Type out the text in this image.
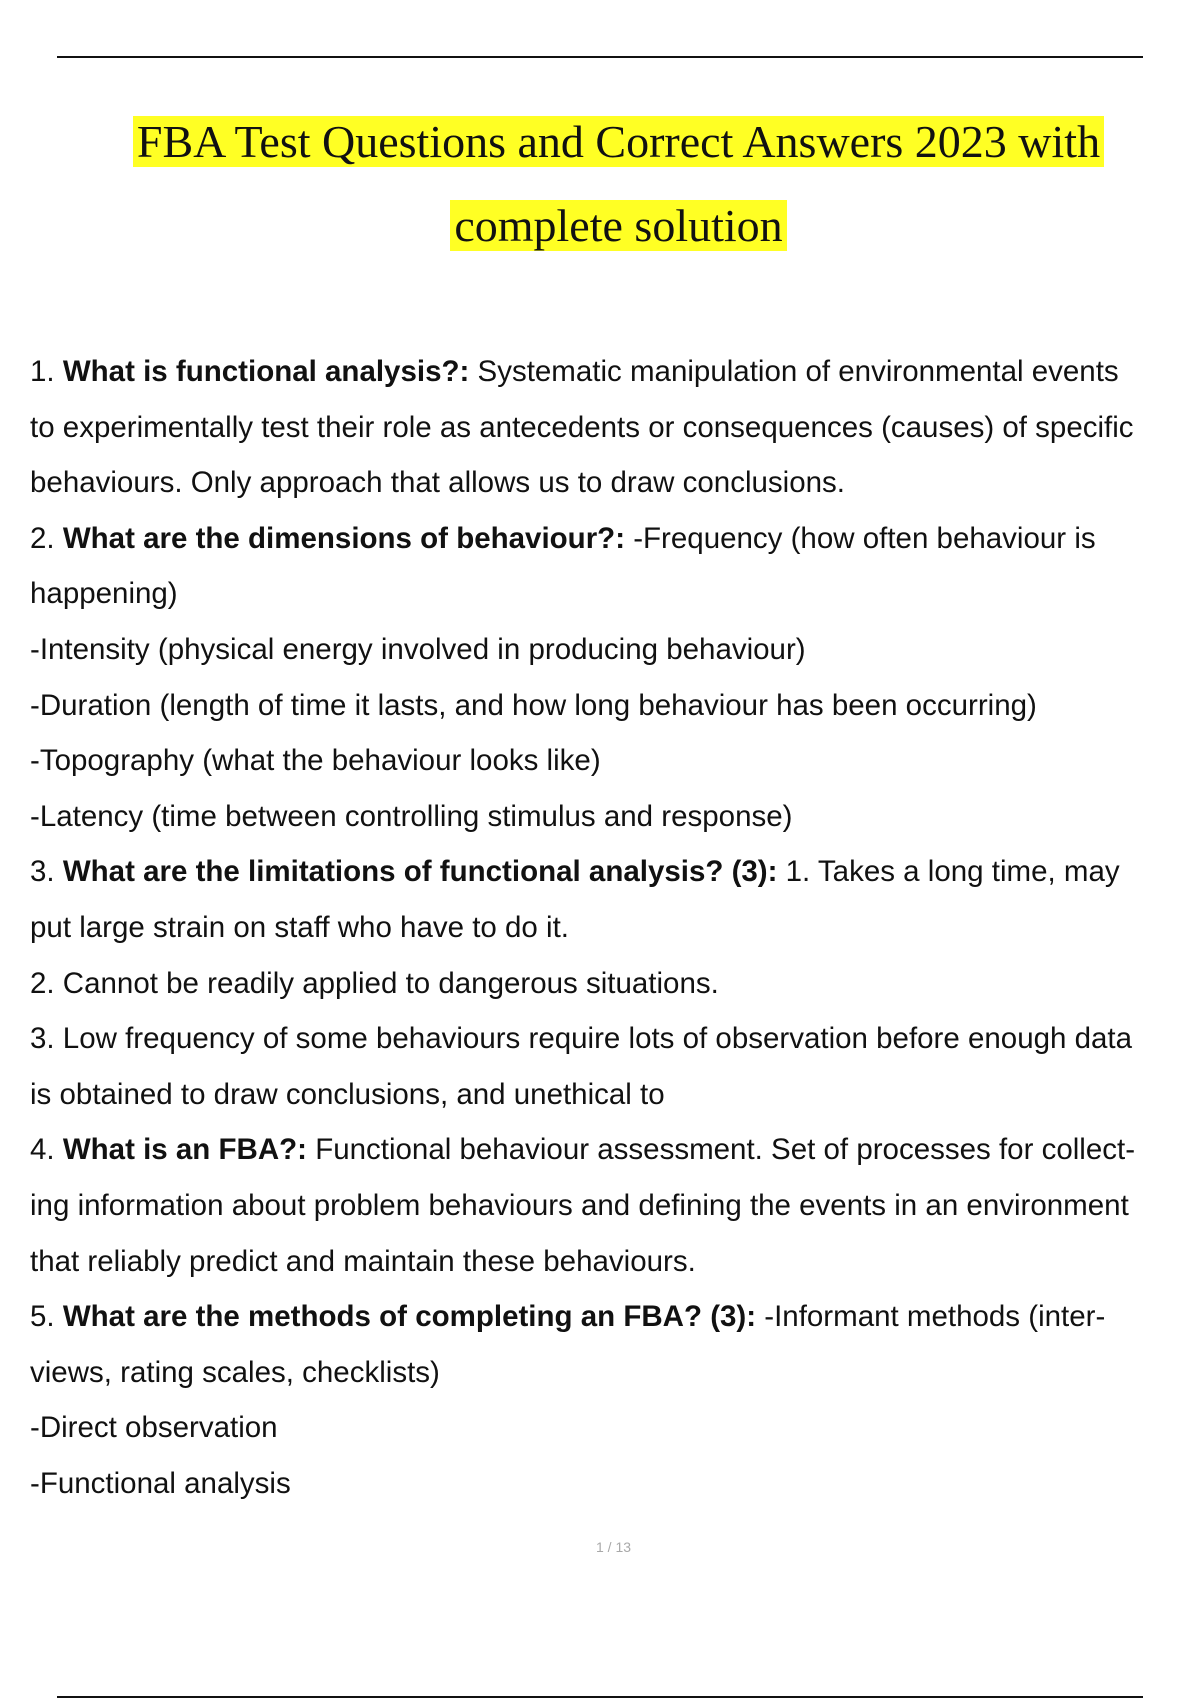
FBA Test Questions and Correct Answers 2023 with
complete solution
1. What is functional analysis?: Systematic manipulation of environmental events
to experimentally test their role as antecedents or consequences (causes) of specific
behaviours. Only approach that allows us to draw conclusions.
2. What are the dimensions of behaviour?: -Frequency (how often behaviour is
happening)
-Intensity (physical energy involved in producing behaviour)
-Duration (length of time it lasts, and how long behaviour has been occurring)
-Topography (what the behaviour looks like)
-Latency (time between controlling stimulus and response)
3. What are the limitations of functional analysis? (3): 1. Takes a long time, may
put large strain on staff who have to do it.
2. Cannot be readily applied to dangerous situations.
3. Low frequency of some behaviours require lots of observation before enough data
is obtained to draw conclusions, and unethical to
4. What is an FBA?: Functional behaviour assessment. Set of processes for collect-
ing information about problem behaviours and defining the events in an environment
that reliably predict and maintain these behaviours.
5. What are the methods of completing an FBA? (3): -Informant methods (inter-
views, rating scales, checklists)
-Direct observation
-Functional analysis
1 / 13
